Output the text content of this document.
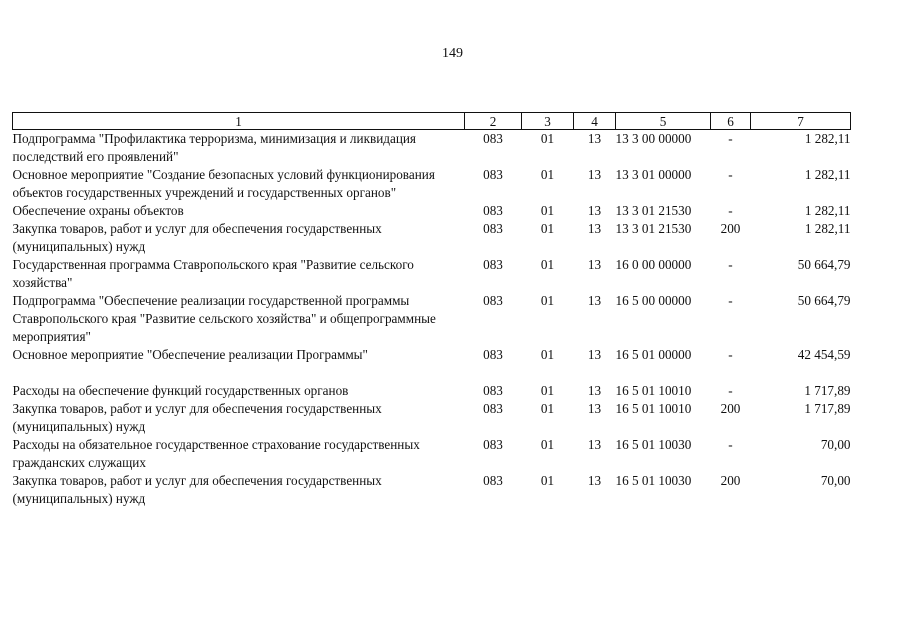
149
1	2	3	4	5	6	7
Подпрограмма "Профилактика терроризма, минимизация и ликвидация последствий его проявлений"	083	01	13	13 3 00 00000	-	1 282,11
Основное мероприятие "Создание безопасных условий функционирования объектов государственных учреждений и государственных органов"	083	01	13	13 3 01 00000	-	1 282,11
Обеспечение охраны объектов	083	01	13	13 3 01 21530	-	1 282,11
Закупка товаров, работ и услуг для обеспечения государственных (муниципальных) нужд	083	01	13	13 3 01 21530	200	1 282,11
Государственная программа Ставропольского края "Развитие сельского хозяйства"	083	01	13	16 0 00 00000	-	50 664,79
Подпрограмма "Обеспечение реализации государственной программы Ставропольского края "Развитие сельского хозяйства" и общепрограммные мероприятия"	083	01	13	16 5 00 00000	-	50 664,79
Основное мероприятие "Обеспечение реализации Программы"	083	01	13	16 5 01 00000	-	42 454,59
Расходы на обеспечение функций государственных органов	083	01	13	16 5 01 10010	-	1 717,89
Закупка товаров, работ и услуг для обеспечения государственных (муниципальных) нужд	083	01	13	16 5 01 10010	200	1 717,89
Расходы на обязательное государственное страхование государственных гражданских служащих	083	01	13	16 5 01 10030	-	70,00
Закупка товаров, работ и услуг для обеспечения государственных (муниципальных) нужд	083	01	13	16 5 01 10030	200	70,00
